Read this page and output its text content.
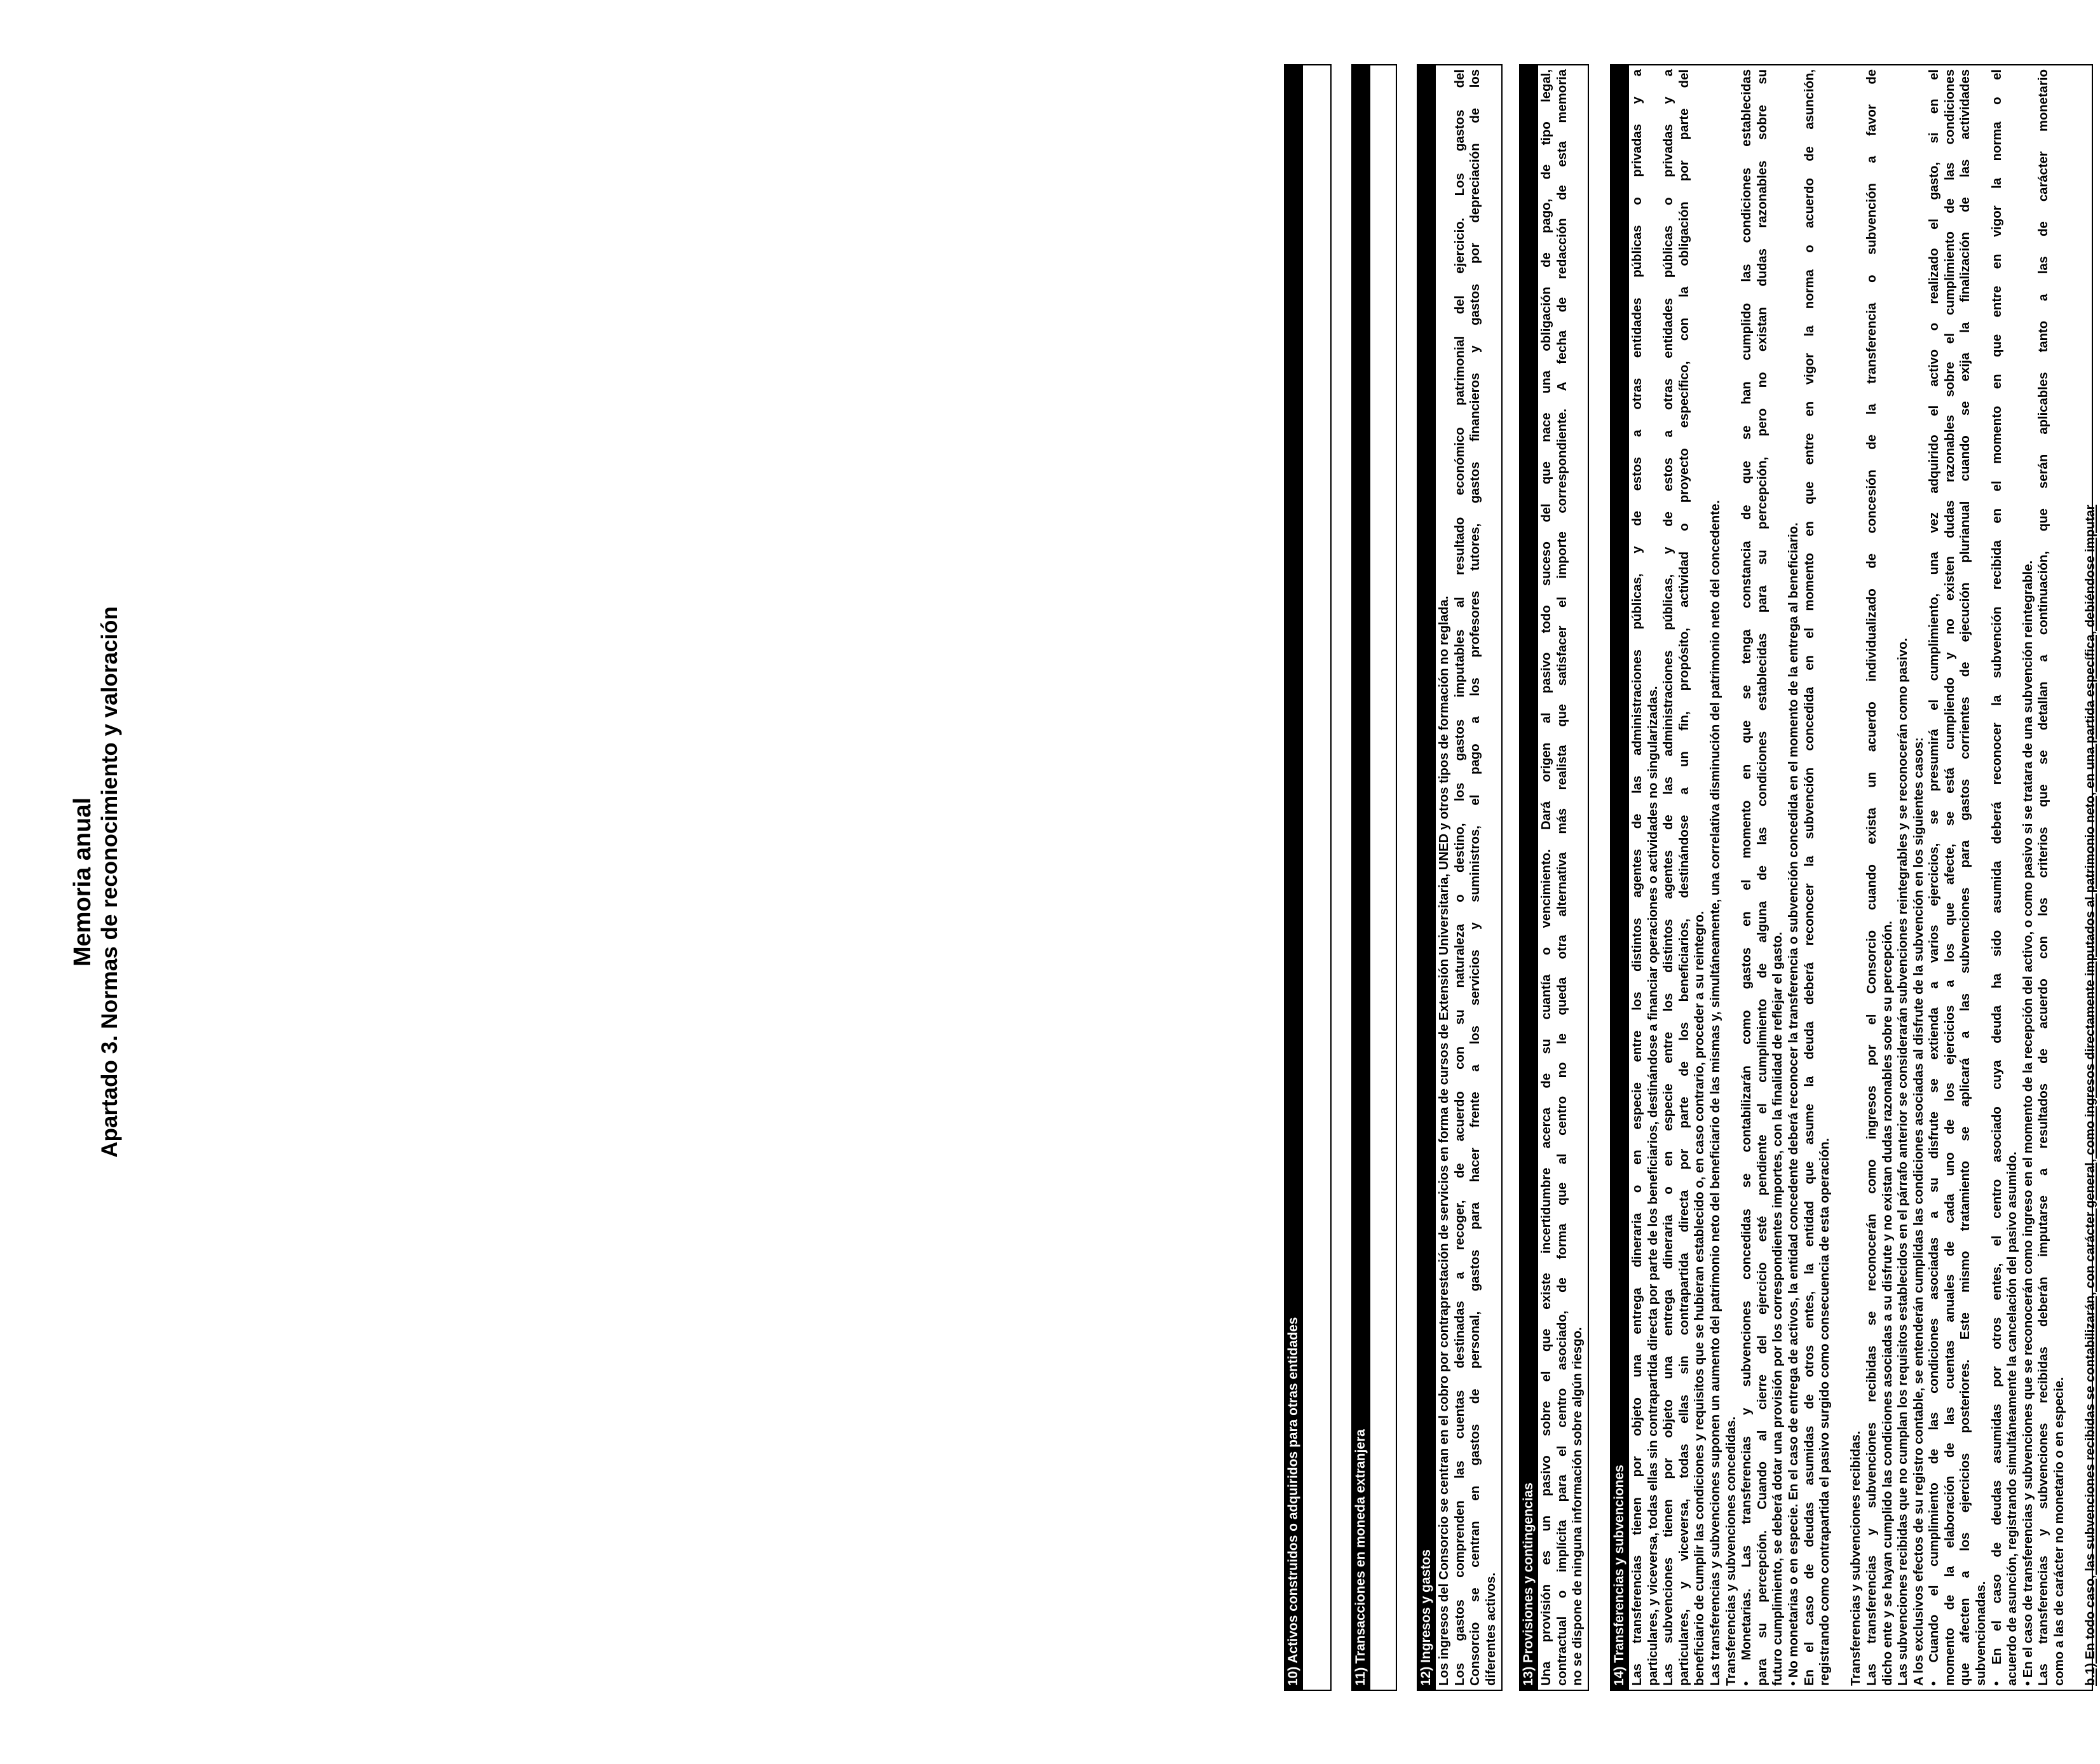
Memoria anual Apartado 3. Normas de reconocimiento y valoración
10) Activos construidos o adquiridos para otras entidades	11) Transacciones en moneda extranjera	12) Ingresos y gastos Los ingresos del Consorcio se centran en el cobro por contraprestación de servicios en forma de cursos de Extensión Universitaria, UNED y otros tipos de formación no reglada. Los gastos comprenden las cuentas destinadas a recoger, de acuerdo con su naturaleza o destino, los gastos imputables al resultado económico patrimonial del ejercicio. Los gastos del Consorcio se centran en gastos de personal, gastos para hacer frente a los servicios y suministros, el pago a los profesores tutores, gastos financieros y gastos por depreciación de los diferentes activos. 13) Provisiones y contingencias Una provisión es un pasivo sobre el que existe incertidumbre acerca de su cuantía o vencimiento. Dará origen al pasivo todo suceso del que nace una obligación de pago, de tipo legal, contractual o implícita para el centro asociado, de forma que al centro no le queda otra alternativa más realista que satisfacer el importe correspondiente. A fecha de redacción de esta memoria no se dispone de ninguna información sobre algún riesgo. 14) Transferencias y subvenciones Las transferencias tienen por objeto una entrega dineraria o en especie entre los distintos agentes de las administraciones públicas, y de estos a otras entidades públicas o privadas y a particulares, y viceversa, todas ellas sin contrapartida directa por parte de los beneficiarios, destinándose a financiar operaciones o actividades no singularizadas. Las subvenciones tienen por objeto una entrega dineraria o en especie entre los distintos agentes de las administraciones públicas, y de estos a otras entidades públicas o privadas y a particulares, y viceversa, todas ellas sin contrapartida directa por parte de los beneficiarios, destinándose a un fin, propósito, actividad o proyecto específico, con la obligación por parte del beneficiario de cumplir las condiciones y requisitos que se hubieran establecido o, en caso contrario, proceder a su reintegro. Las transferencias y subvenciones suponen un aumento del patrimonio neto del beneficiario de las mismas y, simultáneamente, una correlativa disminución del patrimonio neto del concedente. Transferencias y subvenciones concedidas. • Monetarias. Las transferencias y subvenciones concedidas se contabilizarán como gastos en el momento en que se tenga constancia de que se han cumplido las condiciones establecidas para su percepción. Cuando al cierre del ejercicio esté pendiente el cumplimiento de alguna de las condiciones establecidas para su percepción, pero no existan dudas razonables sobre su futuro cumplimiento, se deberá dotar una provisión por los correspondientes importes, con la finalidad de reflejar el gasto. • No monetarias o en especie. En el caso de entrega de activos, la entidad concedente deberá reconocer la transferencia o subvención concedida en el momento de la entrega al beneficiario. En el caso de deudas asumidas de otros entes, la entidad que asume la deuda deberá reconocer la subvención concedida en el momento en que entre en vigor la norma o acuerdo de asunción, registrando como contrapartida el pasivo surgido como consecuencia de esta operación. Transferencias y subvenciones recibidas. Las transferencias y subvenciones recibidas se reconocerán como ingresos por el Consorcio cuando exista un acuerdo individualizado de concesión de la transferencia o subvención a favor de dicho ente y se hayan cumplido las condiciones asociadas a su disfrute y no existan dudas razonables sobre su percepción. Las subvenciones recibidas que no cumplan los requisitos establecidos en el párrafo anterior se considerarán subvenciones reintegrables y se reconocerán como pasivo. A los exclusivos efectos de su registro contable, se entenderán cumplidas las condiciones asociadas al disfrute de la subvención en los siguientes casos: • Cuando el cumplimiento de las condiciones asociadas a su disfrute se extienda a varios ejercicios, se presumirá el cumplimiento, una vez adquirido el activo o realizado el gasto, si en el momento de la elaboración de las cuentas anuales de cada uno de los ejercicios a los que afecte, se está cumpliendo y no existen dudas razonables sobre el cumplimiento de las condiciones que afecten a los ejercicios posteriores. Este mismo tratamiento se aplicará a las subvenciones para gastos corrientes de ejecución plurianual cuando se exija la finalización de las actividades subvencionadas. • En el caso de deudas asumidas por otros entes, el centro asociado cuya deuda ha sido asumida deberá reconocer la subvención recibida en el momento en que entre en vigor la norma o el acuerdo de asunción, registrando simultáneamente la cancelación del pasivo asumido. • En el caso de transferencias y subvenciones que se reconocerán como ingreso en el momento de la recepción del activo, o como pasivo si se tratara de una subvención reintegrable. Las transferencias y subvenciones recibidas deberán imputarse a resultados de acuerdo con los criterios que se detallan a continuación, que serán aplicables tanto a las de carácter monetario como a las de carácter no monetario o en especie. b.1) En todo caso, las subvenciones recibidas se contabilizarán, con carácter general, como ingresos directamente imputados al patrimonio neto, en una partida específica, debiéndose imputar
